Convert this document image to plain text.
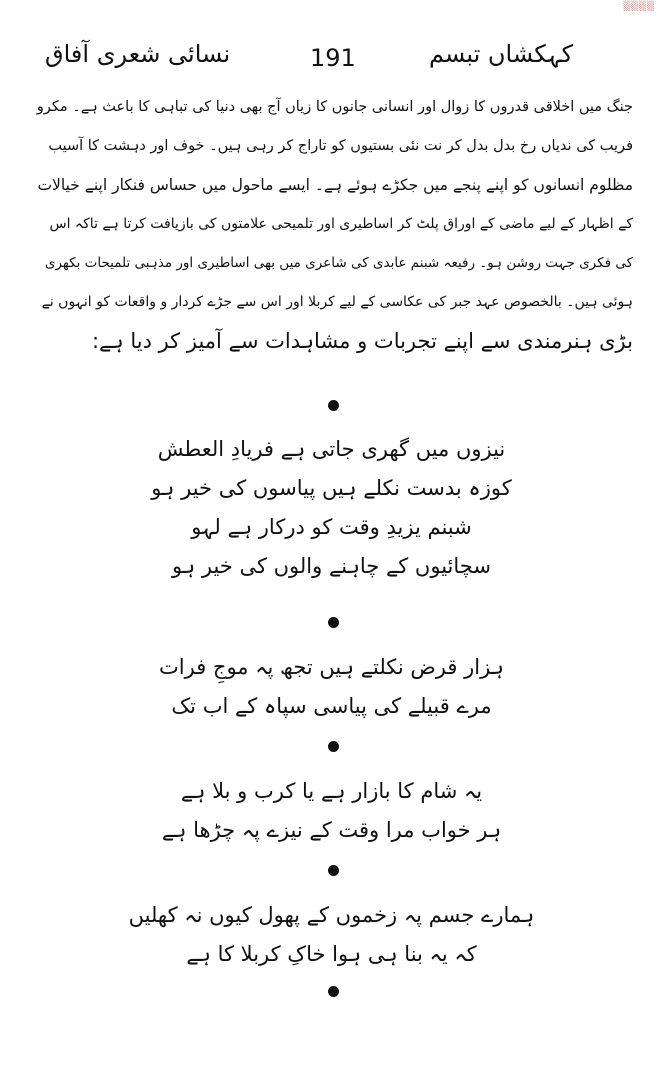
▒▒▒▒
کہکشاں تبسم
191
نسائی شعری آفاق
جنگ میں اخلاقی قدروں کا زوال اور انسانی جانوں کا زیاں آج بھی دنیا کی تباہی کا باعث ہے۔ مکرو
فریب کی ندیاں رخ بدل بدل کر نت نئی بستیوں کو تاراج کر رہی ہیں۔ خوف اور دہشت کا آسیب
مظلوم انسانوں کو اپنے پنجے میں جکڑے ہوئے ہے۔ ایسے ماحول میں حساس فنکار اپنے خیالات
کے اظہار کے لیے ماضی کے اوراق پلٹ کر اساطیری اور تلمیحی علامتوں کی بازیافت کرتا ہے تاکہ اس
کی فکری جہت روشن ہو۔ رفیعہ شبنم عابدی کی شاعری میں بھی اساطیری اور مذہبی تلمیحات بکھری
ہوئی ہیں۔ بالخصوص عہد جبر کی عکاسی کے لیے کربلا اور اس سے جڑے کردار و واقعات کو انہوں نے
بڑی ہنرمندی سے اپنے تجربات و مشاہدات سے آمیز کر دیا ہے:
نیزوں میں گھری جاتی ہے فریادِ العطش
کوزہ بدست نکلے ہیں پیاسوں کی خیر ہو
شبنم یزیدِ وقت کو درکار ہے لہو
سچائیوں کے چاہنے والوں کی خیر ہو
ہزار قرض نکلتے ہیں تجھ پہ موجِ فرات
مرے قبیلے کی پیاسی سپاہ کے اب تک
یہ شام کا بازار ہے یا کرب و بلا ہے
ہر خواب مرا وقت کے نیزے پہ چڑھا ہے
ہمارے جسم پہ زخموں کے پھول کیوں نہ کھلیں
کہ یہ بنا ہی ہوا خاکِ کربلا کا ہے
